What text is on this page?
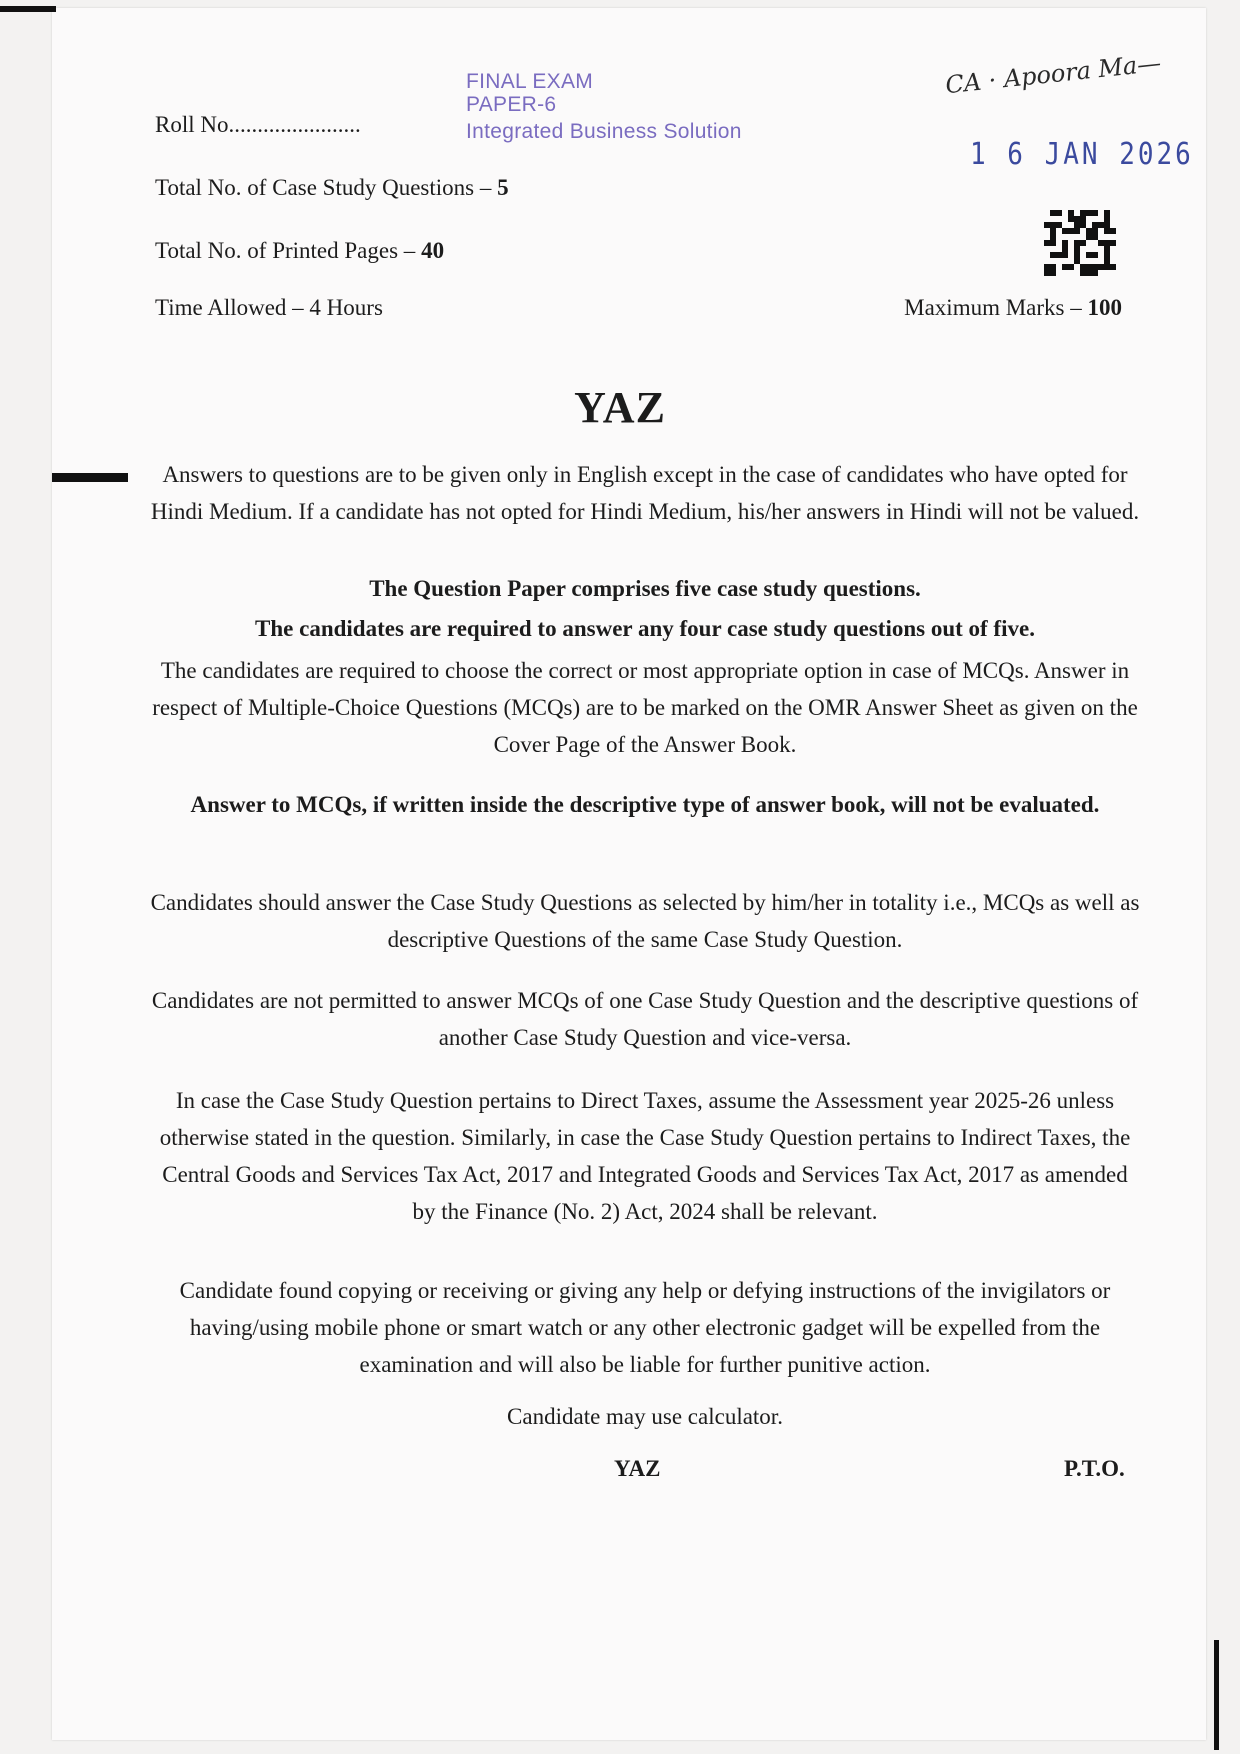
Roll No.......................
FINAL EXAM
PAPER-6
Integrated Business Solution
CA · Apoora Ma—
1 6 JAN 2026
Total No. of Case Study Questions – 5
Total No. of Printed Pages – 40
Time Allowed – 4 Hours	Maximum Marks – 100
YAZ
Answers to questions are to be given only in English except in the case of candidates who have opted for Hindi Medium. If a candidate has not opted for Hindi Medium, his/her answers in Hindi will not be valued.
The Question Paper comprises five case study questions.
The candidates are required to answer any four case study questions out of five.
The candidates are required to choose the correct or most appropriate option in case of MCQs. Answer in respect of Multiple-Choice Questions (MCQs) are to be marked on the OMR Answer Sheet as given on the Cover Page of the Answer Book.
Answer to MCQs, if written inside the descriptive type of answer book, will not be evaluated.
Candidates should answer the Case Study Questions as selected by him/her in totality i.e., MCQs as well as descriptive Questions of the same Case Study Question.
Candidates are not permitted to answer MCQs of one Case Study Question and the descriptive questions of another Case Study Question and vice-versa.
In case the Case Study Question pertains to Direct Taxes, assume the Assessment year 2025-26 unless otherwise stated in the question. Similarly, in case the Case Study Question pertains to Indirect Taxes, the Central Goods and Services Tax Act, 2017 and Integrated Goods and Services Tax Act, 2017 as amended by the Finance (No. 2) Act, 2024 shall be relevant.
Candidate found copying or receiving or giving any help or defying instructions of the invigilators or having/using mobile phone or smart watch or any other electronic gadget will be expelled from the examination and will also be liable for further punitive action.
Candidate may use calculator.
YAZ	P.T.O.
